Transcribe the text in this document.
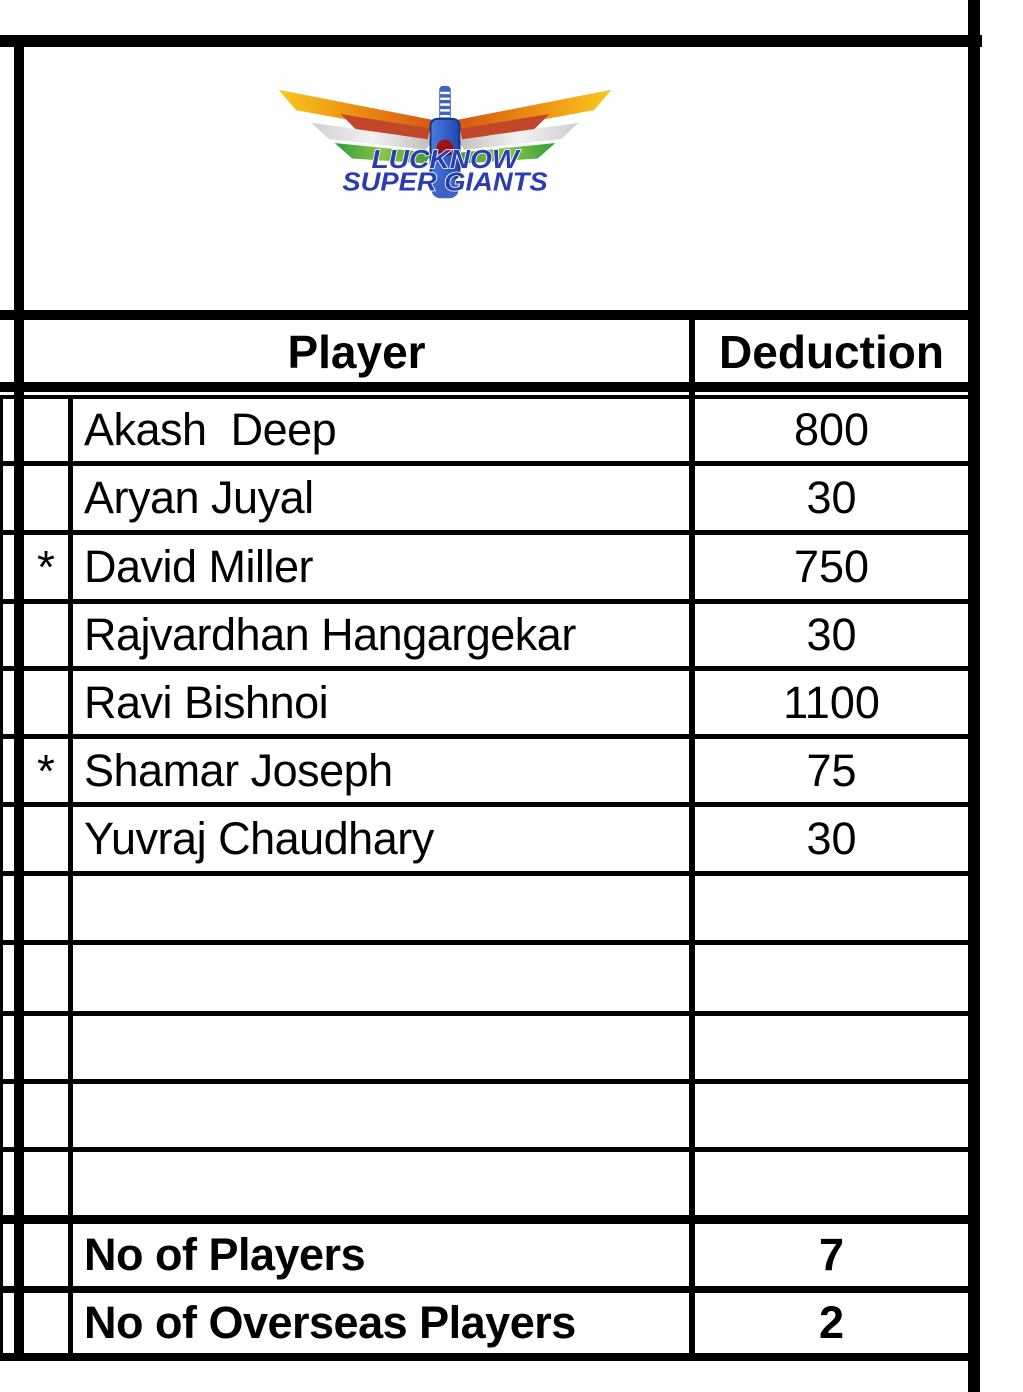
LUCKNOW
SUPER GIANTS
Player	Deduction
Akash  Deep	800
Aryan Juyal	30
* David Miller	750
Rajvardhan Hangargekar	30
Ravi Bishnoi	1100
* Shamar Joseph	75
Yuvraj Chaudhary	30
No of Players	7
No of Overseas Players	2
